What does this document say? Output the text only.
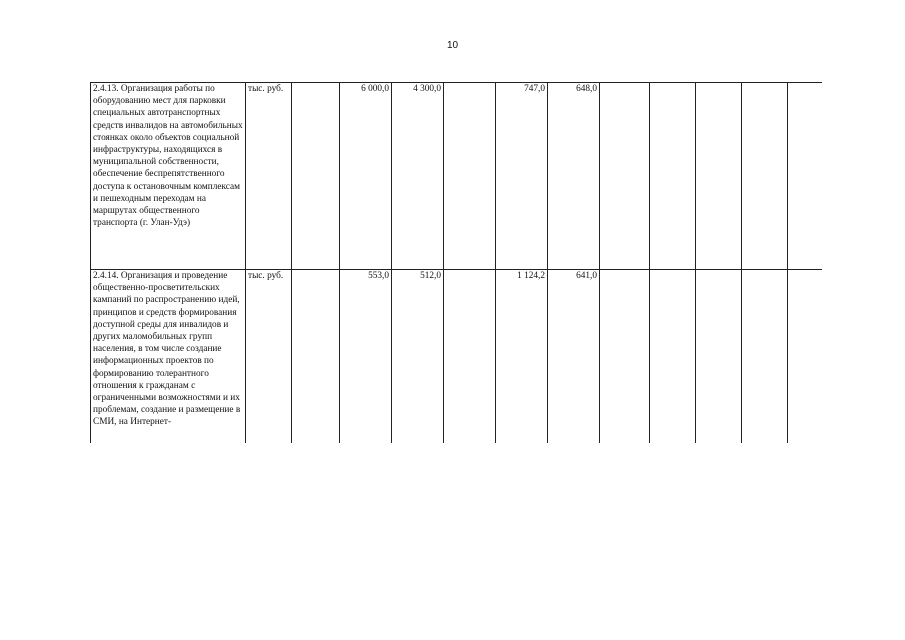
10
2.4.13. Организация работы по оборудованию мест для парковки специальных автотранспортных средств инвалидов на автомобильных стоянках около объектов социальной инфраструктуры, находящихся в муниципальной собственности, обеспечение беспрепятственного доступа к остановочным комплексам и пешеходным переходам на маршрутах общественного транспорта (г. Улан-Удэ)	тыс. руб.		6 000,0	4 300,0		747,0	648,0					
2.4.14. Организация и проведение общественно-просветительских кампаний по распространению идей, принципов и средств формирования доступной среды для инвалидов и других маломобильных групп населения, в том числе создание информационных проектов по формированию толерантного отношения к гражданам с ограниченными возможностями и их проблемам, создание и размещение в СМИ, на Интернет-	тыс. руб.		553,0	512,0		1 124,2	641,0					
